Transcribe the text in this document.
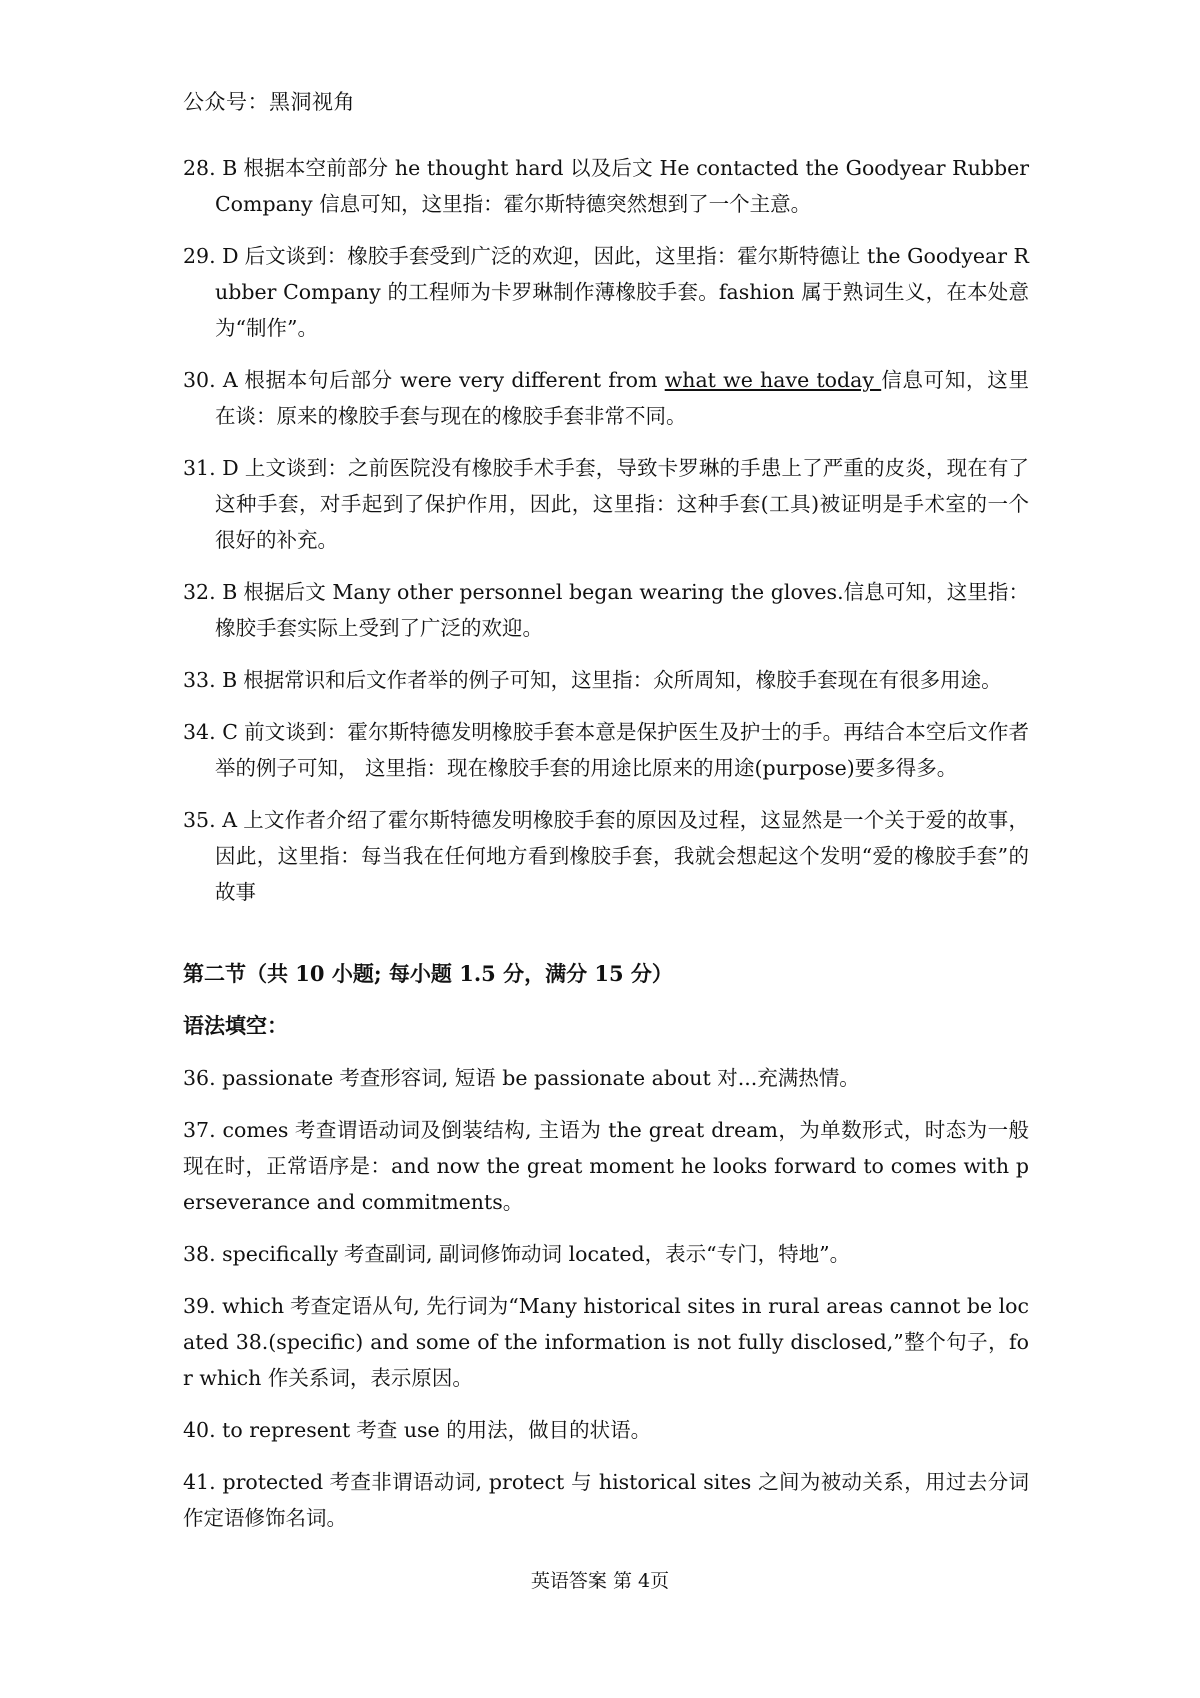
公众号：黑洞视角

28. B 根据本空前部分 he thought hard 以及后文 He contacted the Goodyear Rubber Company 信息可知，这里指：霍尔斯特德突然想到了一个主意。

29. D 后文谈到：橡胶手套受到广泛的欢迎，因此，这里指：霍尔斯特德让 the Goodyear Rubber Company 的工程师为卡罗琳制作薄橡胶手套。fashion 属于熟词生义，在本处意为“制作”。

30. A 根据本句后部分 were very different from what we have today 信息可知，这里在谈：原来的橡胶手套与现在的橡胶手套非常不同。

31. D 上文谈到：之前医院没有橡胶手术手套，导致卡罗琳的手患上了严重的皮炎，现在有了这种手套，对手起到了保护作用，因此，这里指：这种手套(工具)被证明是手术室的一个很好的补充。

32. B 根据后文 Many other personnel began wearing the gloves.信息可知，这里指：橡胶手套实际上受到了广泛的欢迎。

33. B 根据常识和后文作者举的例子可知，这里指：众所周知，橡胶手套现在有很多用途。

34. C 前文谈到：霍尔斯特德发明橡胶手套本意是保护医生及护士的手。再结合本空后文作者举的例子可知， 这里指：现在橡胶手套的用途比原来的用途(purpose)要多得多。

35. A 上文作者介绍了霍尔斯特德发明橡胶手套的原因及过程，这显然是一个关于爱的故事，因此，这里指：每当我在任何地方看到橡胶手套，我就会想起这个发明“爱的橡胶手套”的故事

第二节（共 10 小题; 每小题 1.5 分，满分 15 分）
语法填空：

36. passionate 考查形容词, 短语 be passionate about 对...充满热情。

37. comes 考查谓语动词及倒装结构, 主语为 the great dream，为单数形式，时态为一般现在时，正常语序是：and now the great moment he looks forward to comes with perseverance and commitments。

38. specifically 考查副词, 副词修饰动词 located，表示“专门，特地”。

39. which 考查定语从句, 先行词为“Many historical sites in rural areas cannot be located 38.(specific) and some of the information is not fully disclosed,”整个句子，for which 作关系词，表示原因。

40. to represent 考查 use 的用法，做目的状语。

41. protected 考查非谓语动词, protect 与 historical sites 之间为被动关系，用过去分词作定语修饰名词。

英语答案 第 4页
